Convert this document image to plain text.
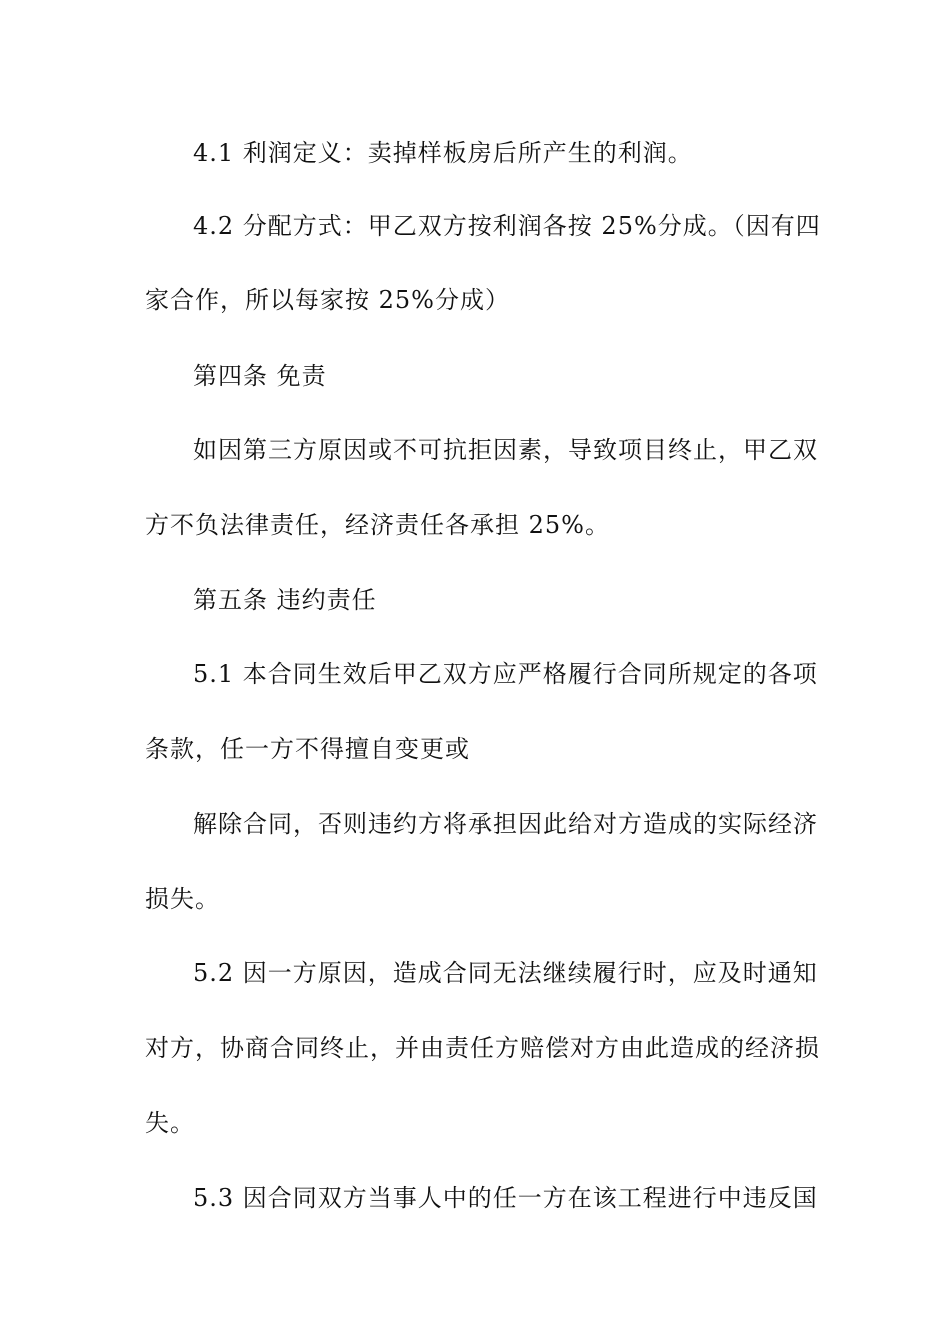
4.1 利润定义：卖掉样板房后所产生的利润。
4.2 分配方式：甲乙双方按利润各按 25%分成。（因有四
家合作，所以每家按 25%分成）
第四条 免责
如因第三方原因或不可抗拒因素，导致项目终止，甲乙双
方不负法律责任，经济责任各承担 25%。
第五条 违约责任
5.1 本合同生效后甲乙双方应严格履行合同所规定的各项
条款，任一方不得擅自变更或
解除合同，否则违约方将承担因此给对方造成的实际经济
损失。
5.2 因一方原因，造成合同无法继续履行时，应及时通知
对方，协商合同终止，并由责任方赔偿对方由此造成的经济损
失。
5.3 因合同双方当事人中的任一方在该工程进行中违反国
